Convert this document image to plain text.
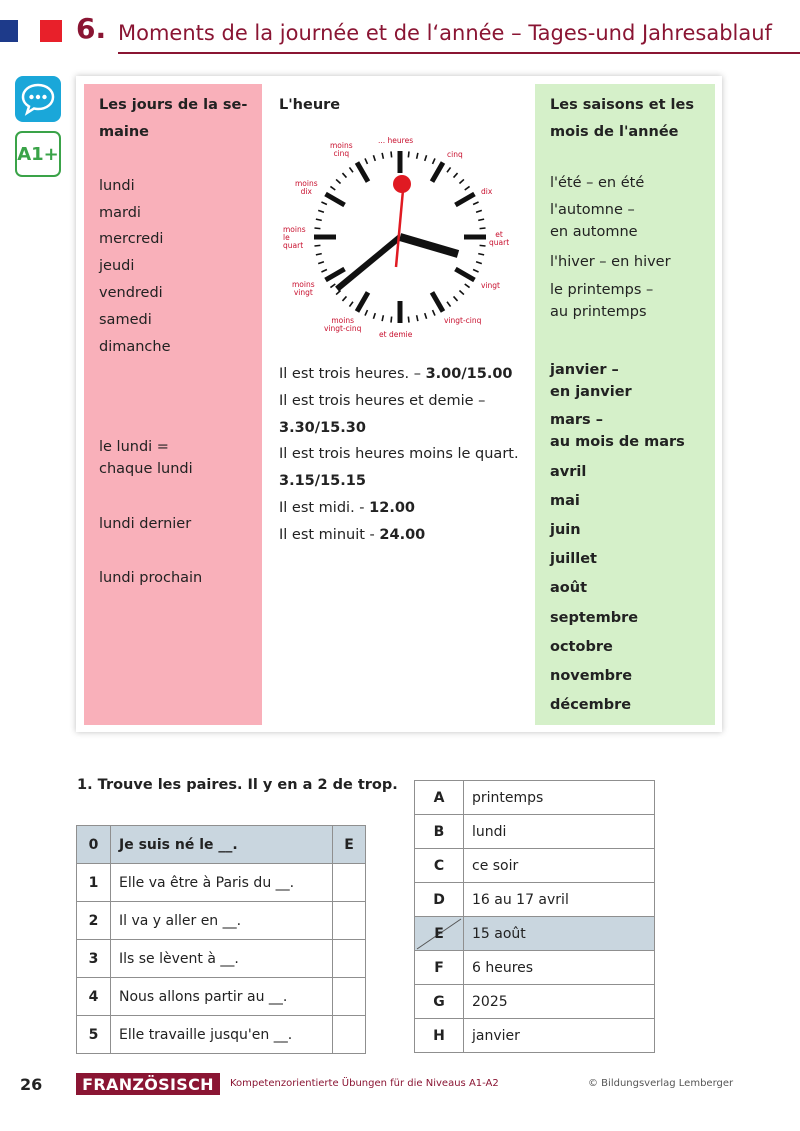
6. Moments de la journée et de l‘année – Tages-und Jahresablauf
A1+
Les jours de la se-
maine
lundi
mardi
mercredi
jeudi
vendredi
samedi
dimanche
le lundi =
chaque lundi
lundi dernier
lundi prochain
L'heure
... heures
cinq
dix
et
quart
vingt
vingt-cinq
et demie
moins
vingt-cinq
moins
vingt
moins
le
quart
moins
dix
moins
cinq
Il est trois heures. – 3.00/15.00
Il est trois heures et demie –
3.30/15.30
Il est trois heures moins le quart.
3.15/15.15
Il est midi. - 12.00
Il est minuit - 24.00
Les saisons et les
mois de l'année
l'été – en été
l'automne –
en automne
l'hiver – en hiver
le printemps –
au printemps
janvier –
en janvier
mars –
au mois de mars
avril
mai
juin
juillet
août
septembre
octobre
novembre
décembre
1. Trouve les paires. Il y en a 2 de trop.
0	Je suis né le __.	E
1	Elle va être à Paris du __.	
2	Il va y aller en __.	
3	Ils se lèvent à __.	
4	Nous allons partir au __.	
5	Elle travaille jusqu'en __.	
A	printemps
B	lundi
C	ce soir
D	16 au 17 avril

E	15 août
F	6 heures
G	2025
H	janvier
26	FRANZÖSISCH	Kompetenzorientierte Übungen für die Niveaus A1-A2	© Bildungsverlag Lemberger
